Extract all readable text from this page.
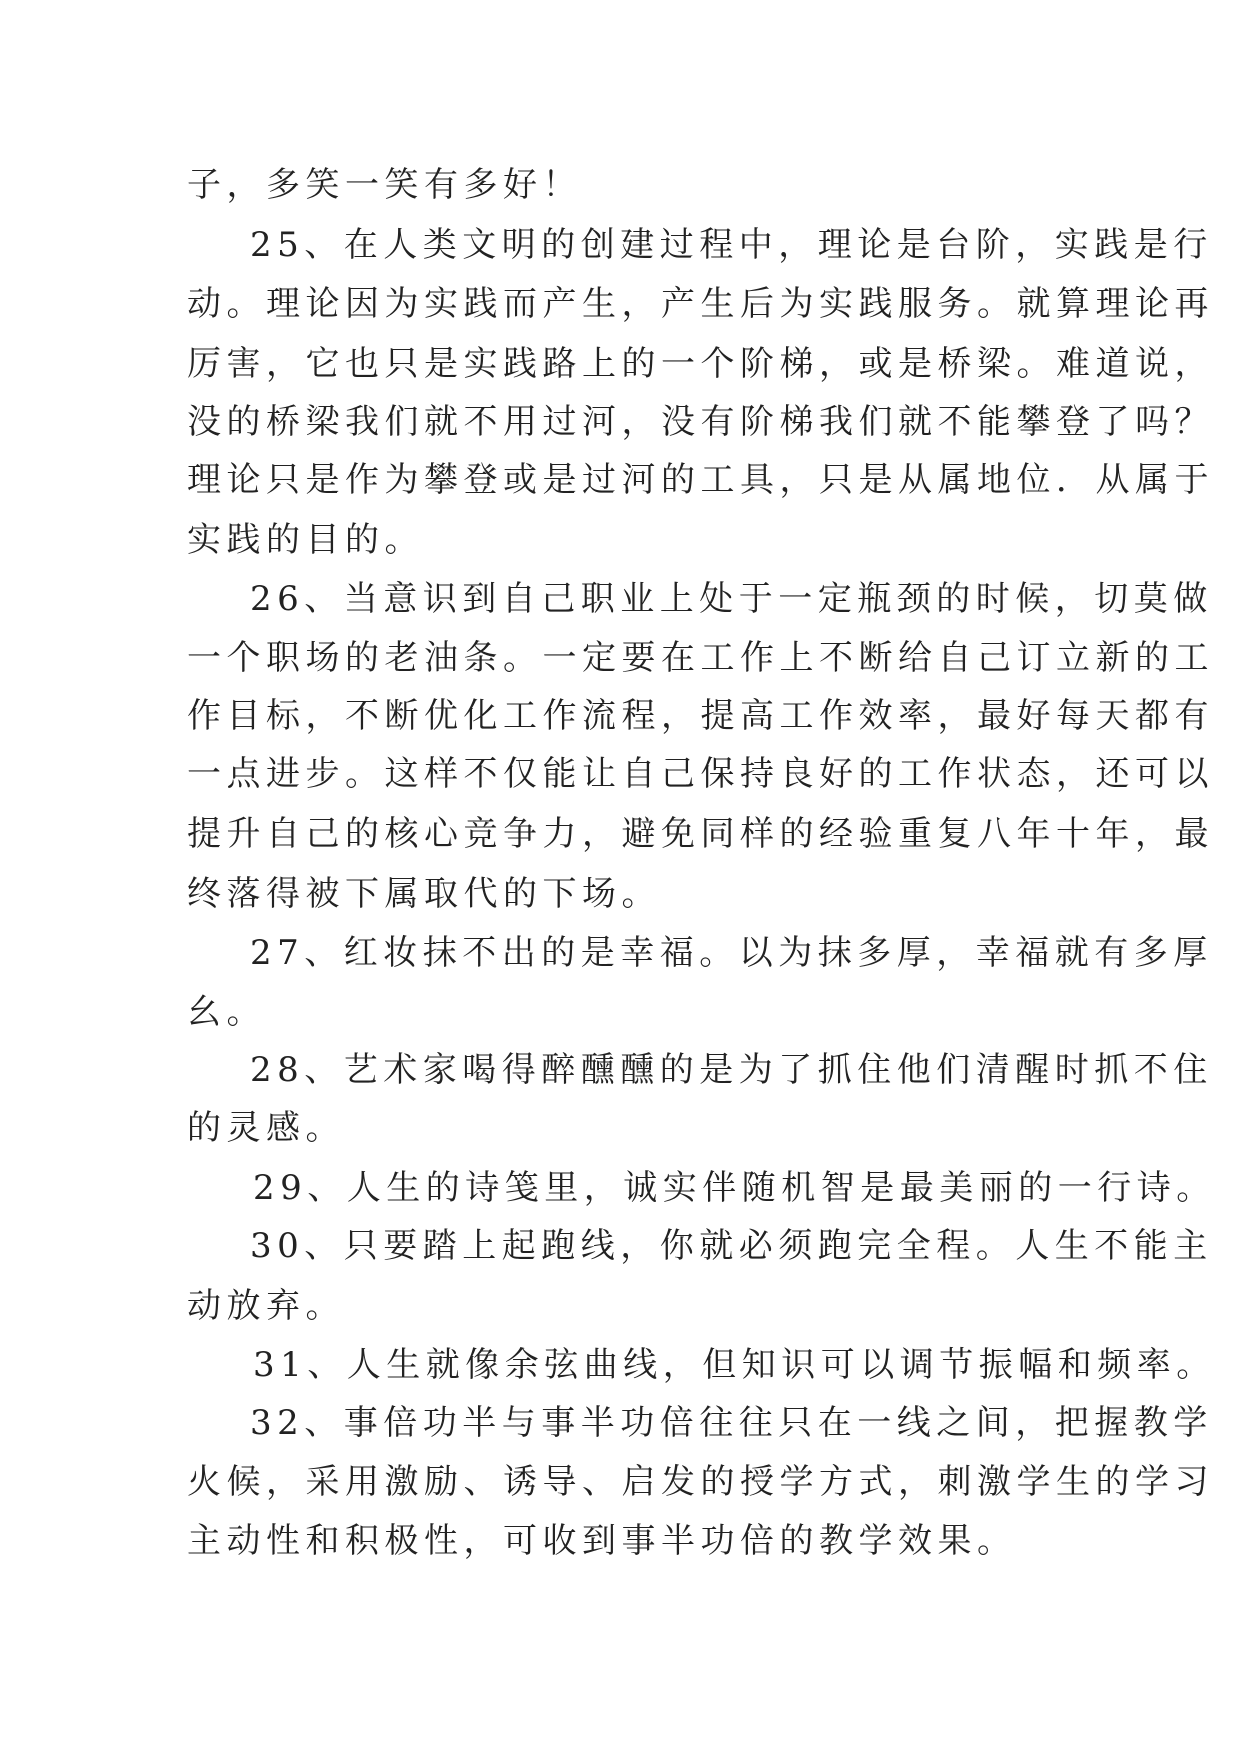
子，多笑一笑有多好！
25、在人类文明的创建过程中，理论是台阶，实践是行
动。理论因为实践而产生，产生后为实践服务。就算理论再
厉害，它也只是实践路上的一个阶梯，或是桥梁。难道说，
没的桥梁我们就不用过河，没有阶梯我们就不能攀登了吗？
理论只是作为攀登或是过河的工具，只是从属地位．从属于
实践的目的。
26、当意识到自己职业上处于一定瓶颈的时候，切莫做
一个职场的老油条。一定要在工作上不断给自己订立新的工
作目标，不断优化工作流程，提高工作效率，最好每天都有
一点进步。这样不仅能让自己保持良好的工作状态，还可以
提升自己的核心竞争力，避免同样的经验重复八年十年，最
终落得被下属取代的下场。
27、红妆抹不出的是幸福。以为抹多厚，幸福就有多厚
幺。
28、艺术家喝得醉醺醺的是为了抓住他们清醒时抓不住
的灵感。
29、人生的诗笺里，诚实伴随机智是最美丽的一行诗。
30、只要踏上起跑线，你就必须跑完全程。人生不能主
动放弃。
31、人生就像余弦曲线，但知识可以调节振幅和频率。
32、事倍功半与事半功倍往往只在一线之间，把握教学
火候，采用激励、诱导、启发的授学方式，刺激学生的学习
主动性和积极性，可收到事半功倍的教学效果。
